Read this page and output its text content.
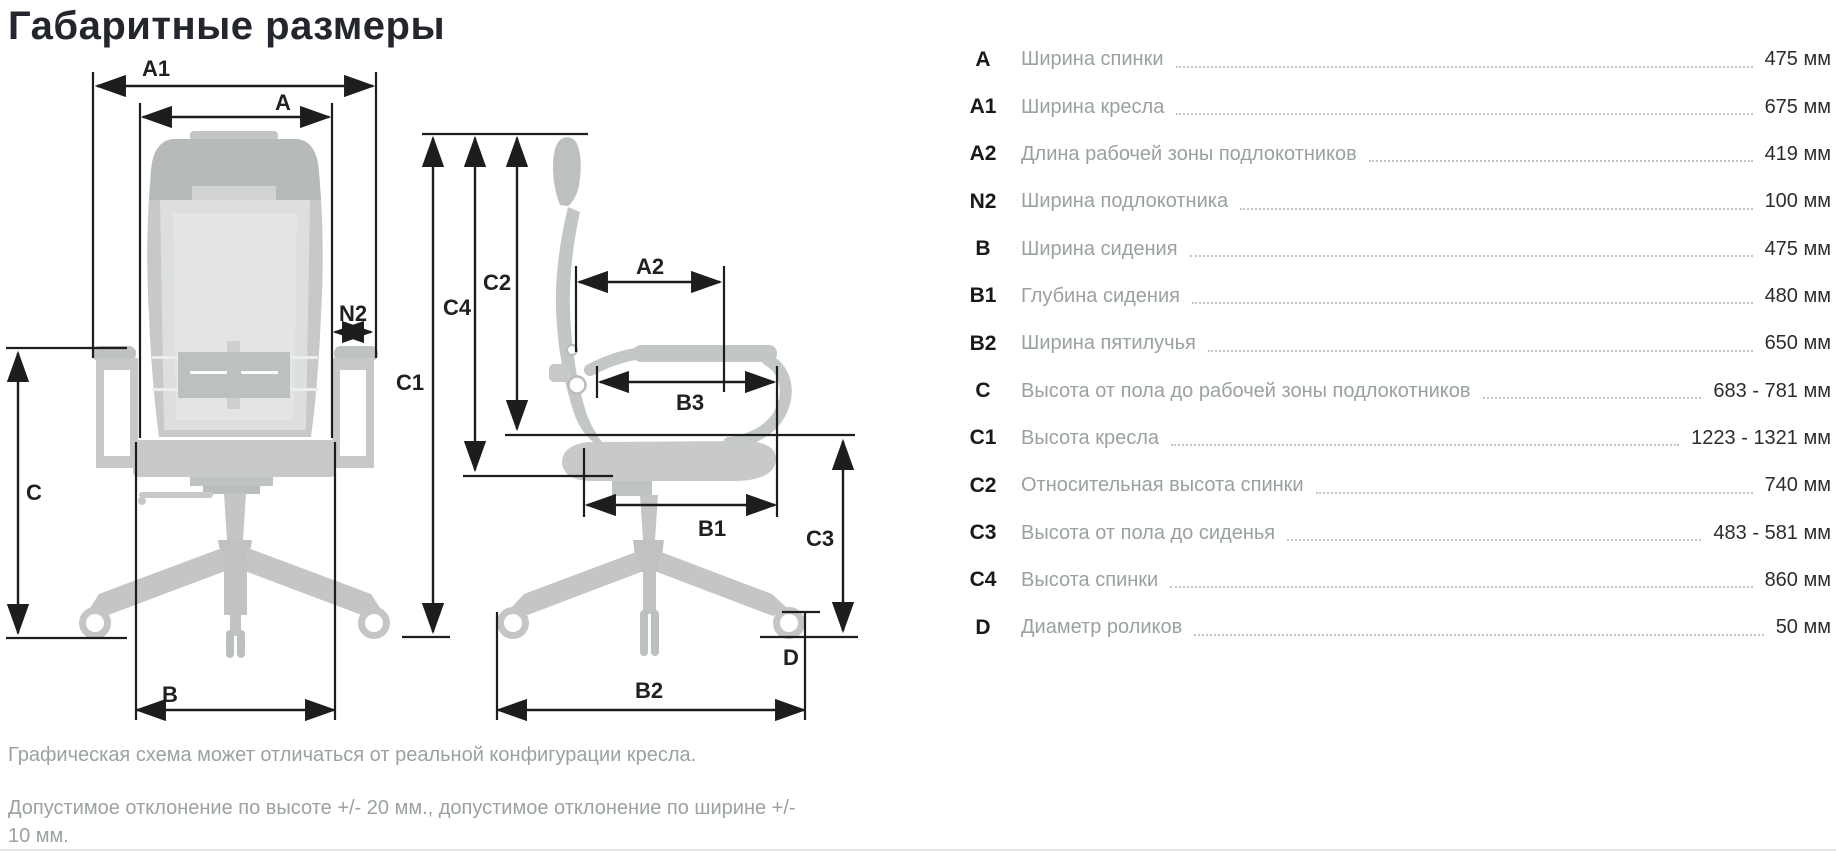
Габаритные размеры
A1
A
N2
C
B
C1
C4
C2
A2
B3
B1	C3
D
B2
A	Ширина спинки	475 мм
A1	Ширина кресла	675 мм
A2	Длина рабочей зоны подлокотников	419 мм
N2	Ширина подлокотника	100 мм
B	Ширина сидения	475 мм
B1	Глубина сидения	480 мм
B2	Ширина пятилучья	650 мм
C	Высота от пола до рабочей зоны подлокотников	683 - 781 мм
C1	Высота кресла	1223 - 1321 мм
C2	Относительная высота спинки	740 мм
C3	Высота от пола до сиденья	483 - 581 мм
C4	Высота спинки	860 мм
D	Диаметр роликов	50 мм
Графическая схема может отличаться от реальной конфигурации кресла.
Допустимое отклонение по высоте +/- 20 мм., допустимое отклонение по ширине +/-
10 мм.
